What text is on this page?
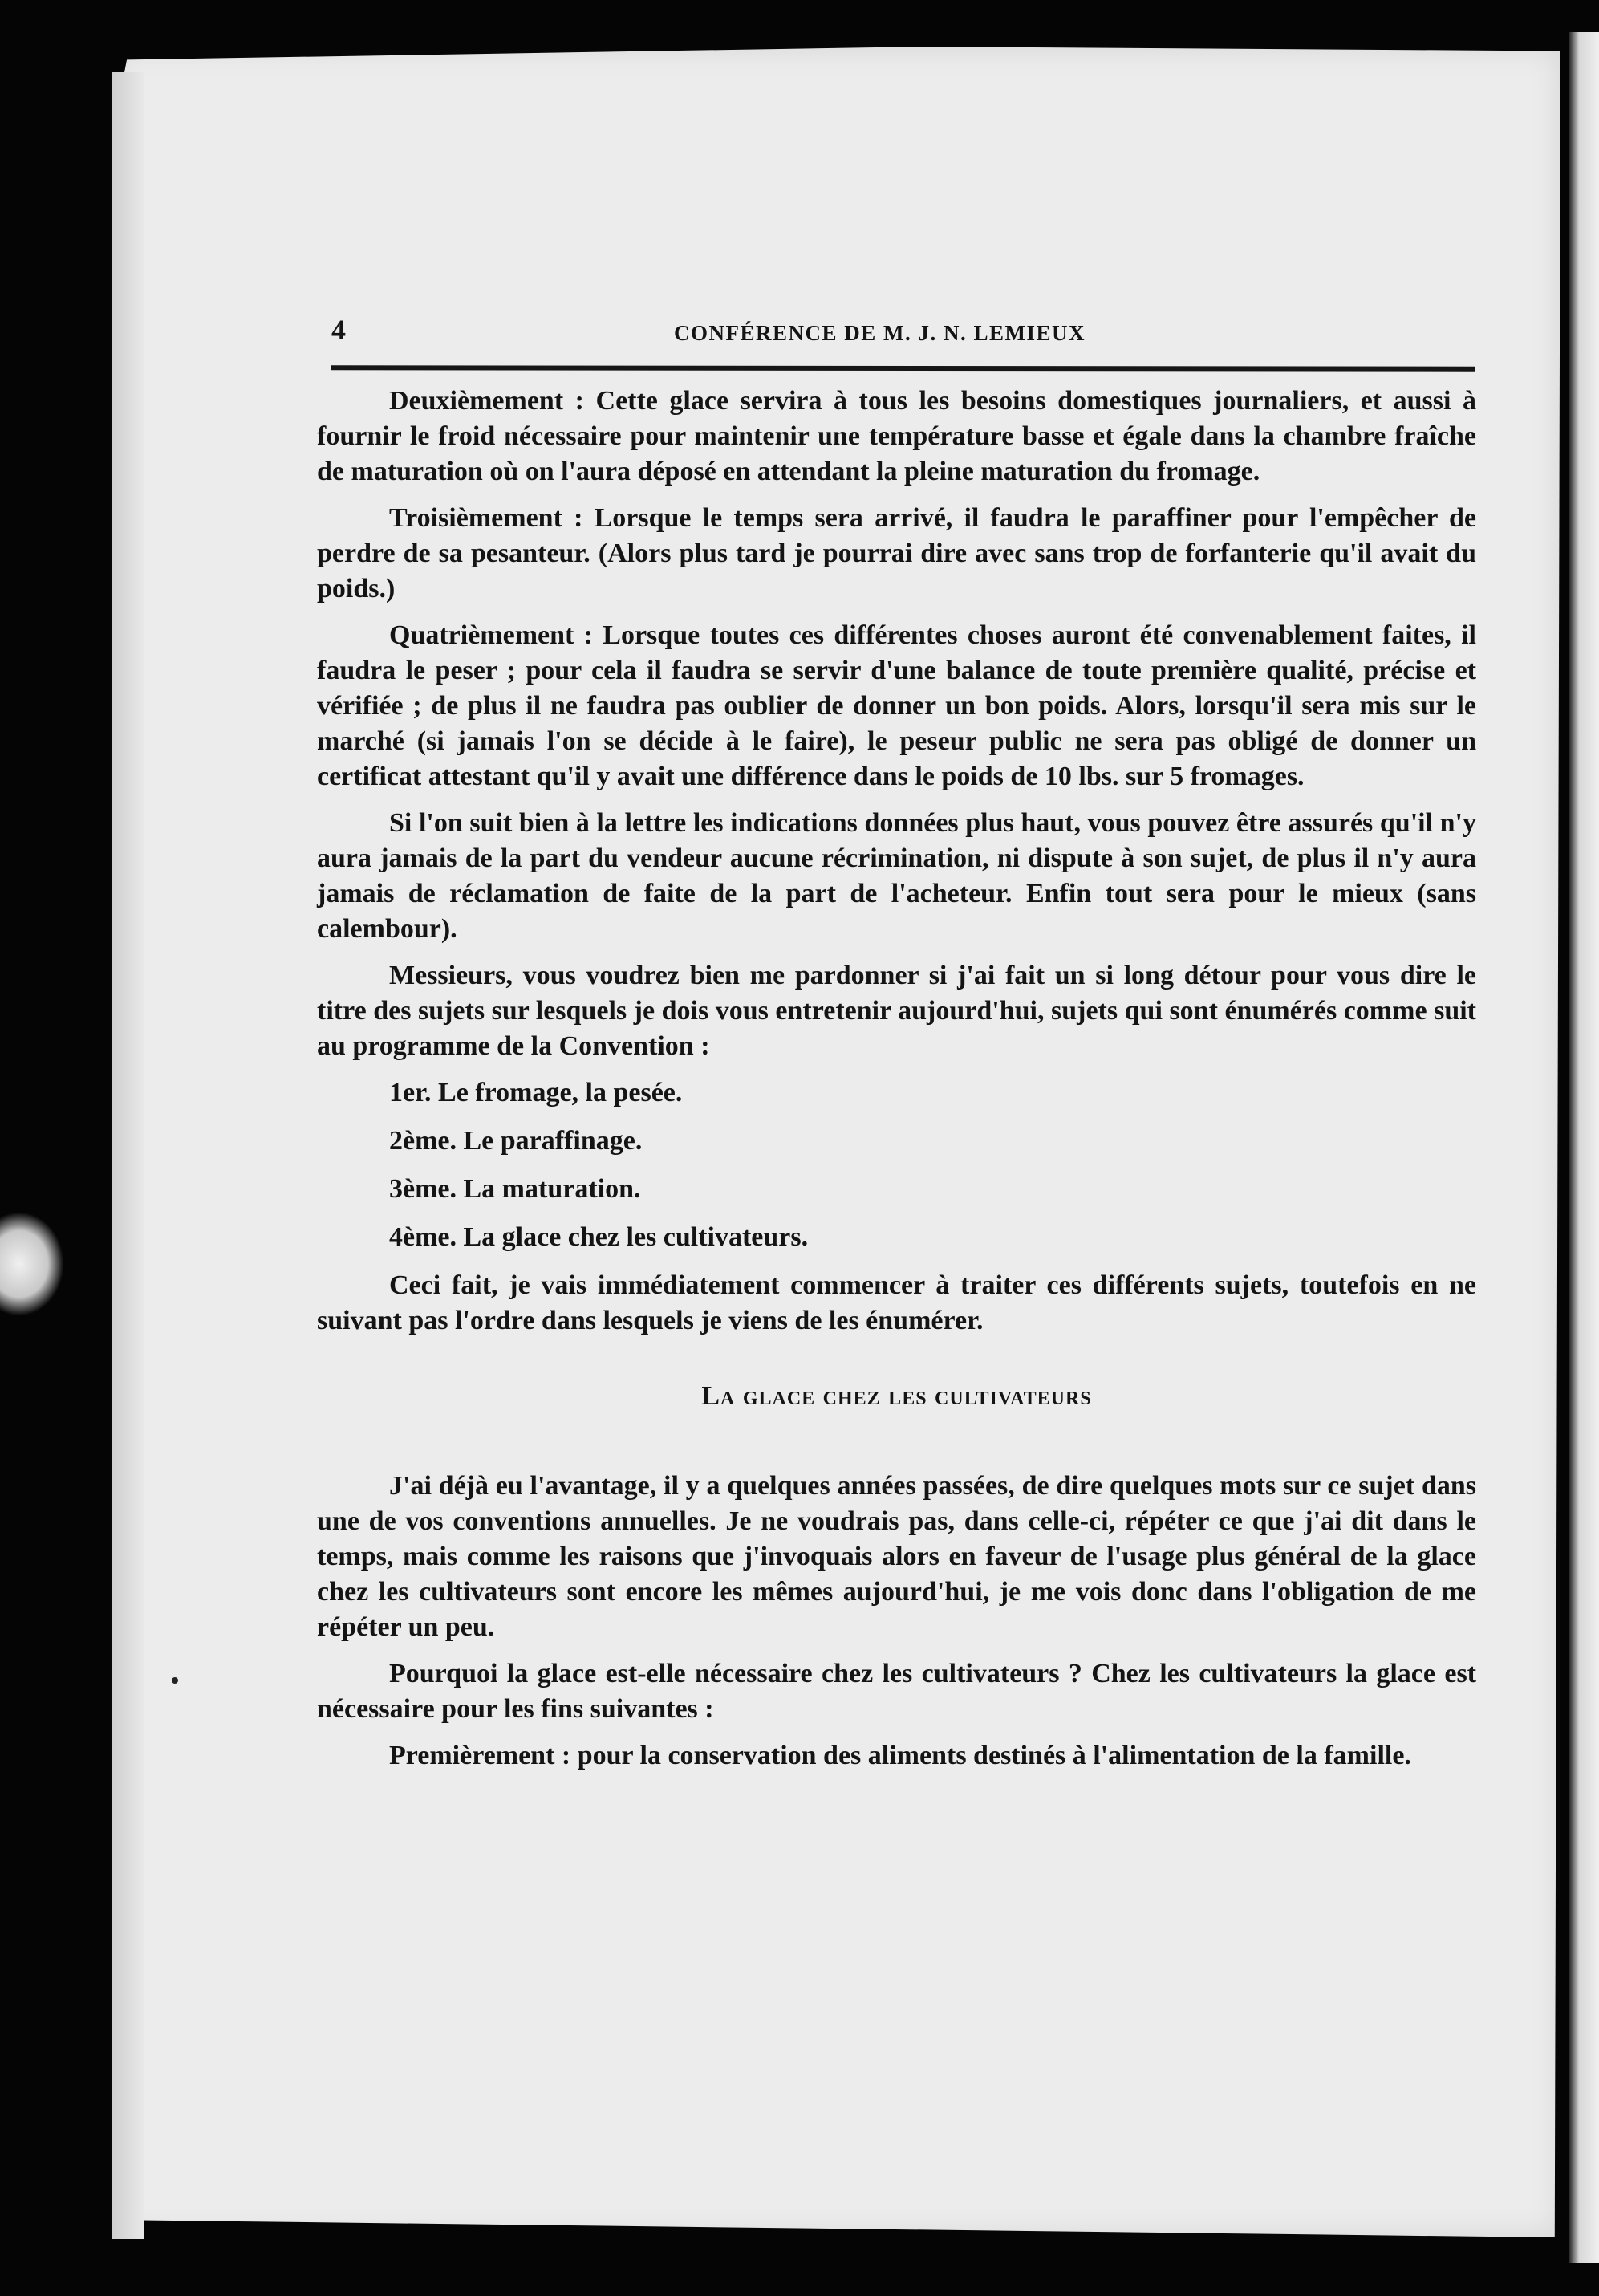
4	CONFÉRENCE DE M. J. N. LEMIEUX

Deuxièmement : Cette glace servira à tous les besoins domestiques journaliers, et aussi à fournir le froid nécessaire pour maintenir une température basse et égale dans la chambre fraîche de maturation où on l'aura déposé en attendant la pleine maturation du fromage.

Troisièmement : Lorsque le temps sera arrivé, il faudra le paraffiner pour l'empêcher de perdre de sa pesanteur. (Alors plus tard je pourrai dire avec sans trop de forfanterie qu'il avait du poids.)

Quatrièmement : Lorsque toutes ces différentes choses auront été convenablement faites, il faudra le peser ; pour cela il faudra se servir d'une balance de toute première qualité, précise et vérifiée ; de plus il ne faudra pas oublier de donner un bon poids. Alors, lorsqu'il sera mis sur le marché (si jamais l'on se décide à le faire), le peseur public ne sera pas obligé de donner un certificat attestant qu'il y avait une différence dans le poids de 10 lbs. sur 5 fromages.

Si l'on suit bien à la lettre les indications données plus haut, vous pouvez être assurés qu'il n'y aura jamais de la part du vendeur aucune récrimination, ni dispute à son sujet, de plus il n'y aura jamais de réclamation de faite de la part de l'acheteur. Enfin tout sera pour le mieux (sans calembour).

Messieurs, vous voudrez bien me pardonner si j'ai fait un si long détour pour vous dire le titre des sujets sur lesquels je dois vous entretenir aujourd'hui, sujets qui sont énumérés comme suit au programme de la Convention :

1er. Le fromage, la pesée.
2ème. Le paraffinage.
3ème. La maturation.
4ème. La glace chez les cultivateurs.

Ceci fait, je vais immédiatement commencer à traiter ces différents sujets, toutefois en ne suivant pas l'ordre dans lesquels je viens de les énumérer.

La glace chez les cultivateurs

J'ai déjà eu l'avantage, il y a quelques années passées, de dire quelques mots sur ce sujet dans une de vos conventions annuelles. Je ne voudrais pas, dans celle-ci, répéter ce que j'ai dit dans le temps, mais comme les raisons que j'invoquais alors en faveur de l'usage plus général de la glace chez les cultivateurs sont encore les mêmes aujourd'hui, je me vois donc dans l'obligation de me répéter un peu.

Pourquoi la glace est-elle nécessaire chez les cultivateurs ? Chez les cultivateurs la glace est nécessaire pour les fins suivantes :

Premièrement : pour la conservation des aliments destinés à l'alimentation de la famille.
